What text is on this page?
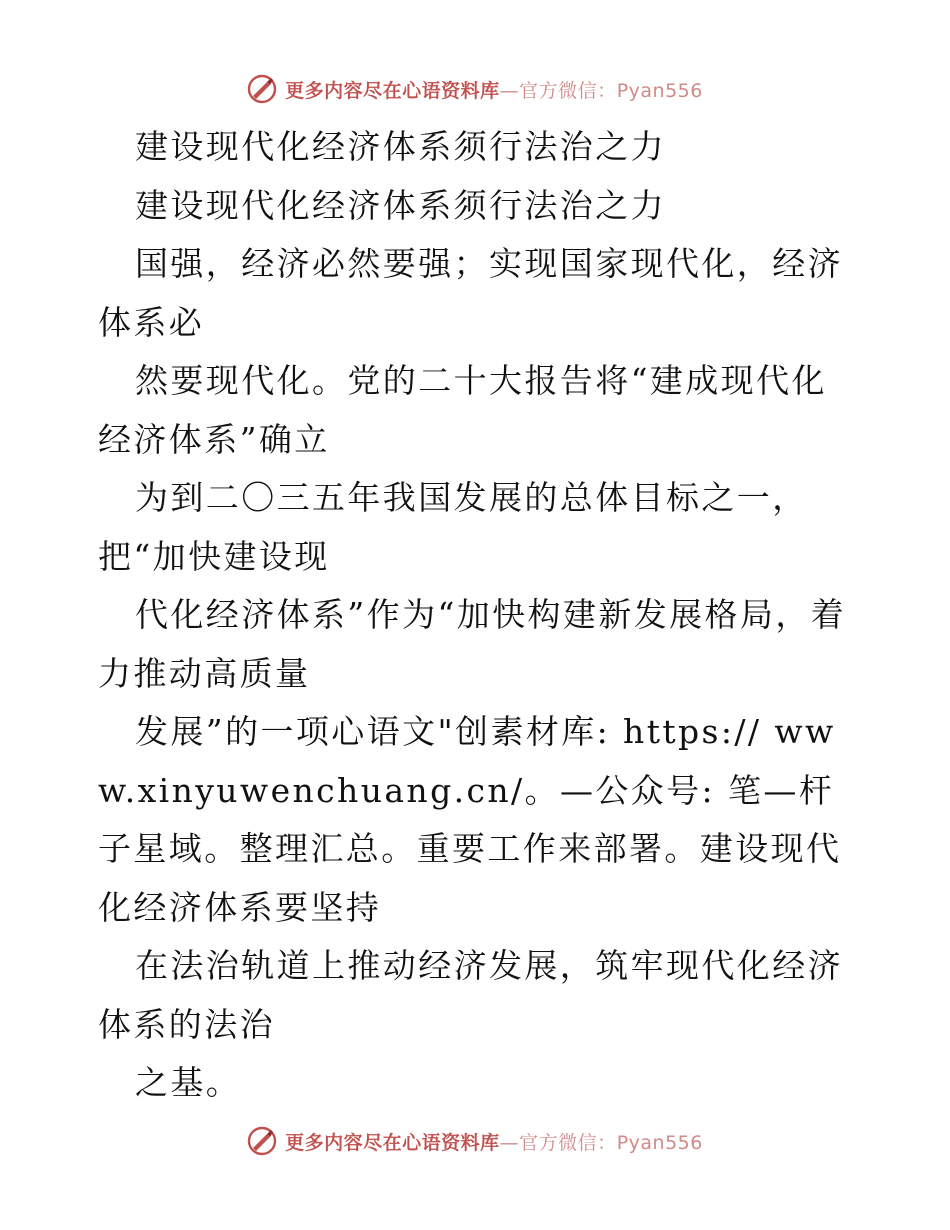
更多内容尽在心语资料库—官方微信：Pyan556

建设现代化经济体系须行法治之力

建设现代化经济体系须行法治之力

国强，经济必然要强；实现国家现代化，经济体系必

然要现代化。党的二十大报告将“建成现代化经济体系”确立

为到二〇三五年我国发展的总体目标之一，把“加快建设现

代化经济体系”作为“加快构建新发展格局，着力推动高质量

发展”的一项心语文"创素材库: https:// www.xinyuwenchuang.cn/。—公众号: 笔—杆子星域。整理汇总。重要工作来部署。建设现代化经济体系要坚持

在法治轨道上推动经济发展，筑牢现代化经济体系的法治

之基。

更多内容尽在心语资料库—官方微信：Pyan556
